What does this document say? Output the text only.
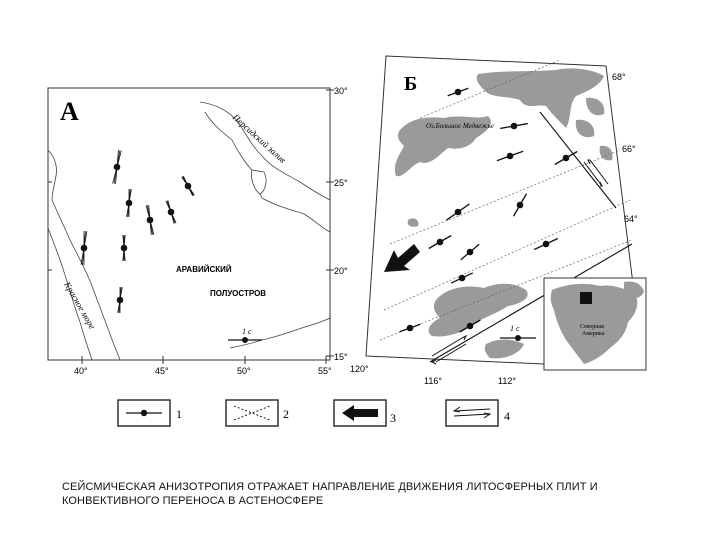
А
30°
25°
20°
15°
40°	45°	50°	55°
АРАВИЙСКИЙ
ПОЛУОСТРОВ
Персидский залив
Красное море
1 c
Б	68°
66°
64°
120°
116°	112°
Оз.Большое Медвежье
1 c	Северная Америка
1	2	3	4
СЕЙСМИЧЕСКАЯ АНИЗОТРОПИЯ ОТРАЖАЕТ НАПРАВЛЕНИЕ ДВИЖЕНИЯ ЛИТОСФЕРНЫХ ПЛИТ И
КОНВЕКТИВНОГО ПЕРЕНОСА В АСТЕНОСФЕРЕ
